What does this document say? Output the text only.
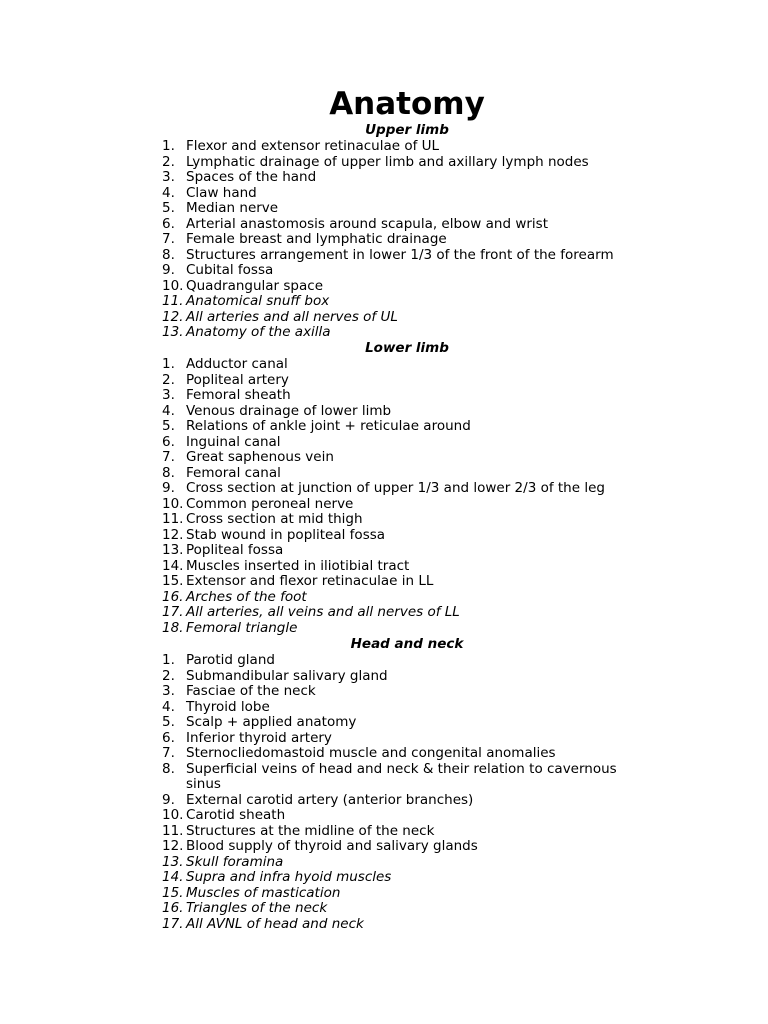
Anatomy
Upper limb
1. Flexor and extensor retinaculae of UL
2. Lymphatic drainage of upper limb and axillary lymph nodes
3. Spaces of the hand
4. Claw hand
5. Median nerve
6. Arterial anastomosis around scapula, elbow and wrist
7. Female breast and lymphatic drainage
8. Structures arrangement in lower 1/3 of the front of the forearm
9. Cubital fossa
10. Quadrangular space
11. Anatomical snuff box
12. All arteries and all nerves of UL
13. Anatomy of the axilla
Lower limb
1. Adductor canal
2. Popliteal artery
3. Femoral sheath
4. Venous drainage of lower limb
5. Relations of ankle joint + reticulae around
6. Inguinal canal
7. Great saphenous vein
8. Femoral canal
9. Cross section at junction of upper 1/3 and lower 2/3 of the leg
10. Common peroneal nerve
11. Cross section at mid thigh
12. Stab wound in popliteal fossa
13. Popliteal fossa
14. Muscles inserted in iliotibial tract
15. Extensor and flexor retinaculae in LL
16. Arches of the foot
17. All arteries, all veins and all nerves of LL
18. Femoral triangle
Head and neck
1. Parotid gland
2. Submandibular salivary gland
3. Fasciae of the neck
4. Thyroid lobe
5. Scalp + applied anatomy
6. Inferior thyroid artery
7. Sternocliedomastoid muscle and congenital anomalies
8. Superficial veins of head and neck & their relation to cavernous sinus
9. External carotid artery (anterior branches)
10. Carotid sheath
11. Structures at the midline of the neck
12. Blood supply of thyroid and salivary glands
13. Skull foramina
14. Supra and infra hyoid muscles
15. Muscles of mastication
16. Triangles of the neck
17. All AVNL of head and neck
